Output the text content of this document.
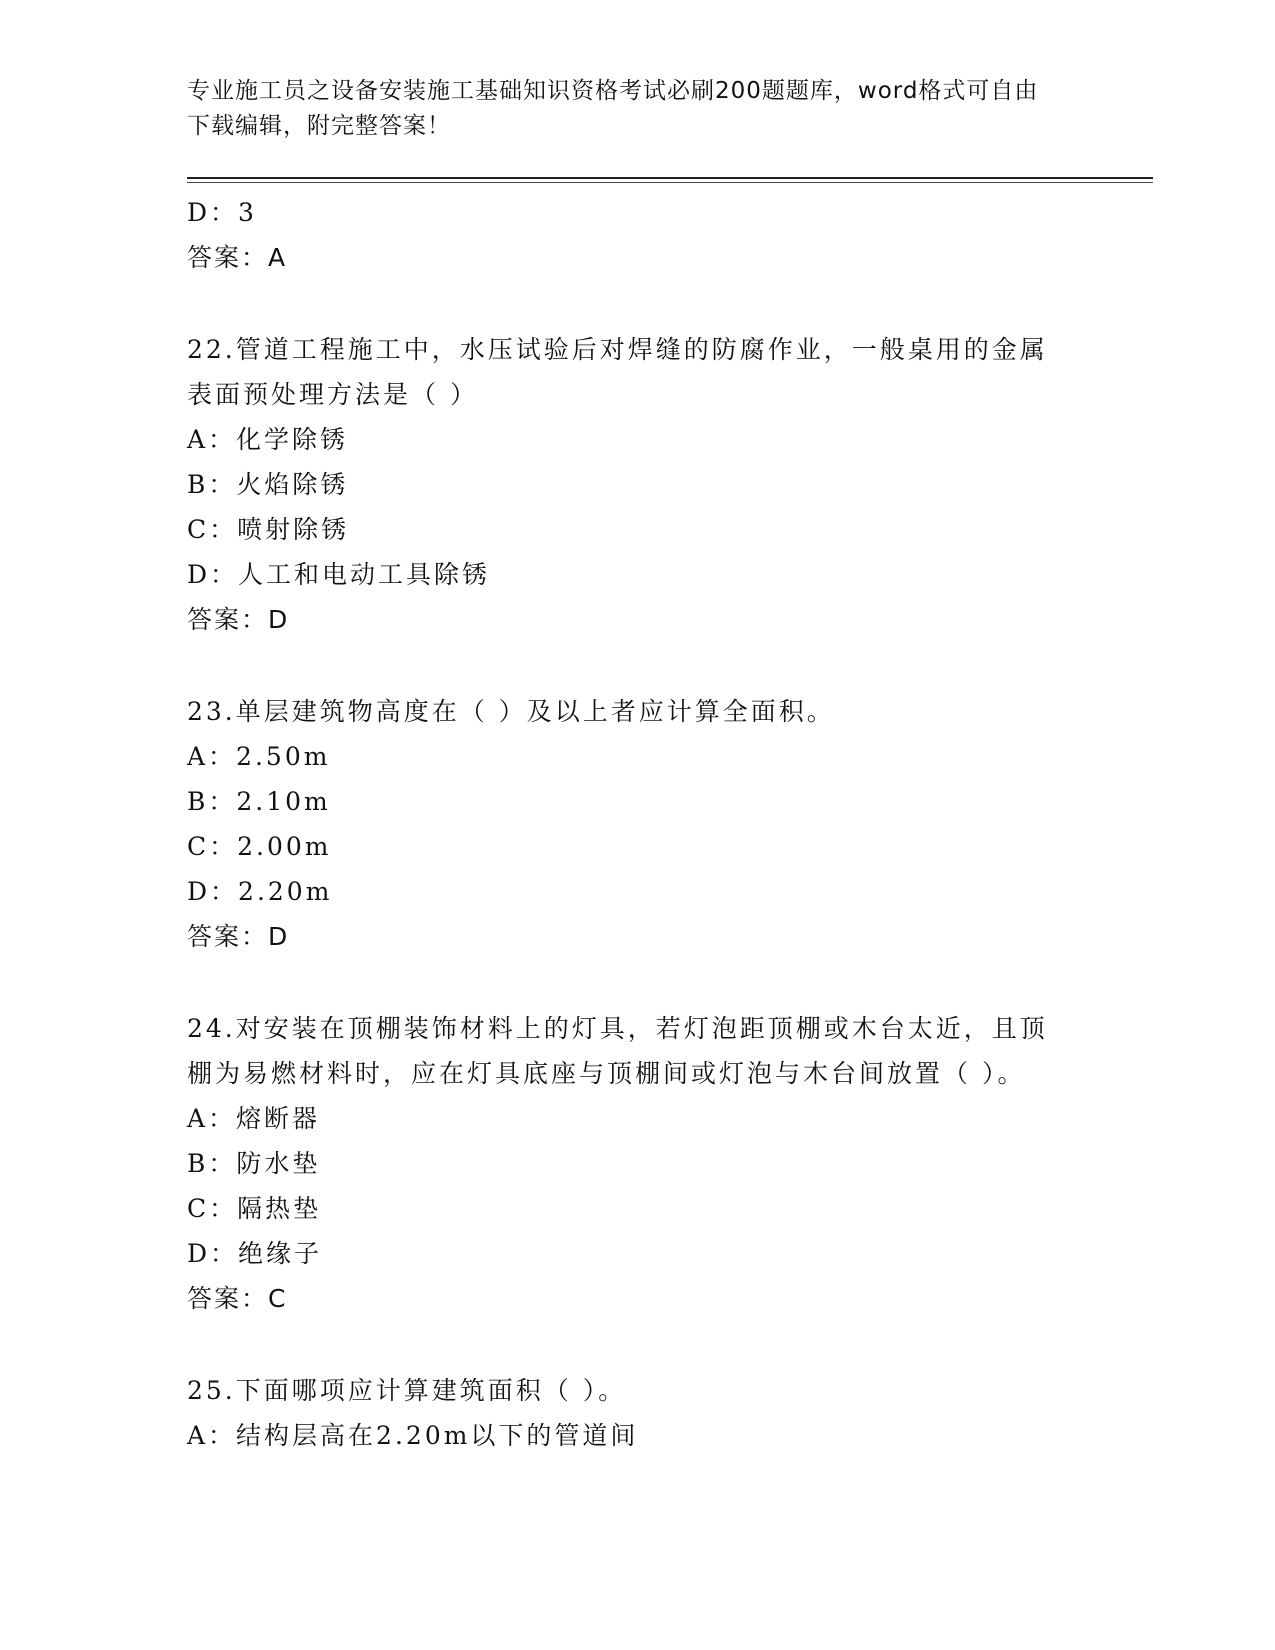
专业施工员之设备安装施工基础知识资格考试必刷200题题库，word格式可自由
下载编辑，附完整答案！
D：3
答案：A
22.管道工程施工中，水压试验后对焊缝的防腐作业，一般桌用的金属
表面预处理方法是（ ）
A：化学除锈
B：火焰除锈
C：喷射除锈
D：人工和电动工具除锈
答案：D
23.单层建筑物高度在（ ）及以上者应计算全面积。
A：2.50m
B：2.10m
C：2.00m
D：2.20m
答案：D
24.对安装在顶棚装饰材料上的灯具，若灯泡距顶棚或木台太近，且顶
棚为易燃材料时，应在灯具底座与顶棚间或灯泡与木台间放置（ ）。
A：熔断器
B：防水垫
C：隔热垫
D：绝缘子
答案：C
25.下面哪项应计算建筑面积（ ）。
A：结构层高在2.20m以下的管道间
